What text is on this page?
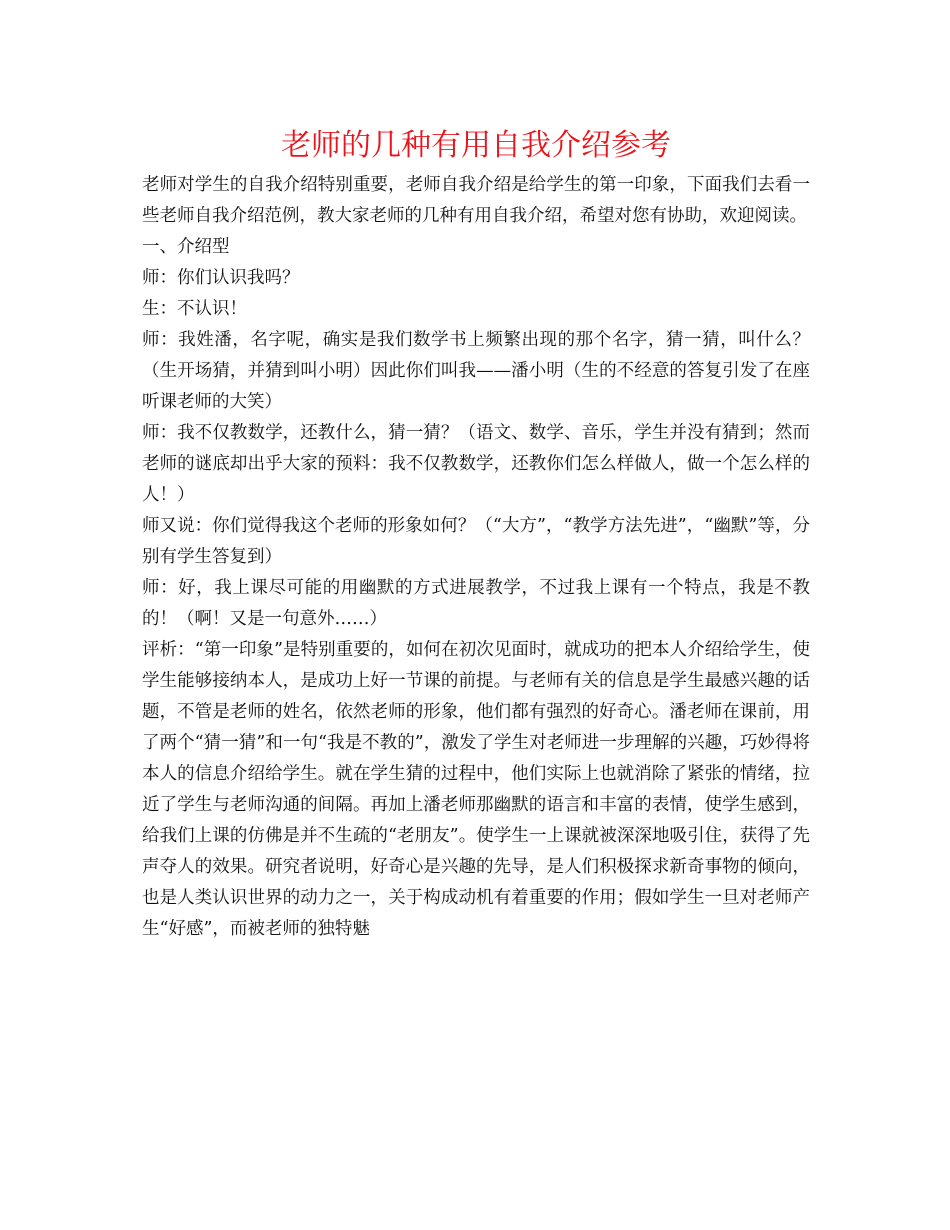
老师的几种有用自我介绍参考

老师对学生的自我介绍特别重要，老师自我介绍是给学生的第一印象，下面我们去看一些老师自我介绍范例，教大家老师的几种有用自我介绍，希望对您有协助，欢迎阅读。

一、介绍型

师：你们认识我吗？

生：不认识！

师：我姓潘，名字呢，确实是我们数学书上频繁出现的那个名字，猜一猜，叫什么？（生开场猜，并猜到叫小明）因此你们叫我——潘小明（生的不经意的答复引发了在座听课老师的大笑）

师：我不仅教数学，还教什么，猜一猜？（语文、数学、音乐，学生并没有猜到；然而老师的谜底却出乎大家的预料：我不仅教数学，还教你们怎么样做人，做一个怎么样的人！）

师又说：你们觉得我这个老师的形象如何？（“大方”，“教学方法先进”，“幽默”等，分别有学生答复到）

师：好，我上课尽可能的用幽默的方式进展教学，不过我上课有一个特点，我是不教的！（啊！又是一句意外……）

评析：“第一印象”是特别重要的，如何在初次见面时，就成功的把本人介绍给学生，使学生能够接纳本人，是成功上好一节课的前提。与老师有关的信息是学生最感兴趣的话题，不管是老师的姓名，依然老师的形象，他们都有强烈的好奇心。潘老师在课前，用了两个“猜一猜”和一句“我是不教的”，激发了学生对老师进一步理解的兴趣，巧妙得将本人的信息介绍给学生。就在学生猜的过程中，他们实际上也就消除了紧张的情绪，拉近了学生与老师沟通的间隔。再加上潘老师那幽默的语言和丰富的表情，使学生感到，给我们上课的仿佛是并不生疏的“老朋友”。使学生一上课就被深深地吸引住，获得了先声夺人的效果。研究者说明，好奇心是兴趣的先导，是人们积极探求新奇事物的倾向，也是人类认识世界的动力之一，关于构成动机有着重要的作用；假如学生一旦对老师产生“好感”，而被老师的独特魅
